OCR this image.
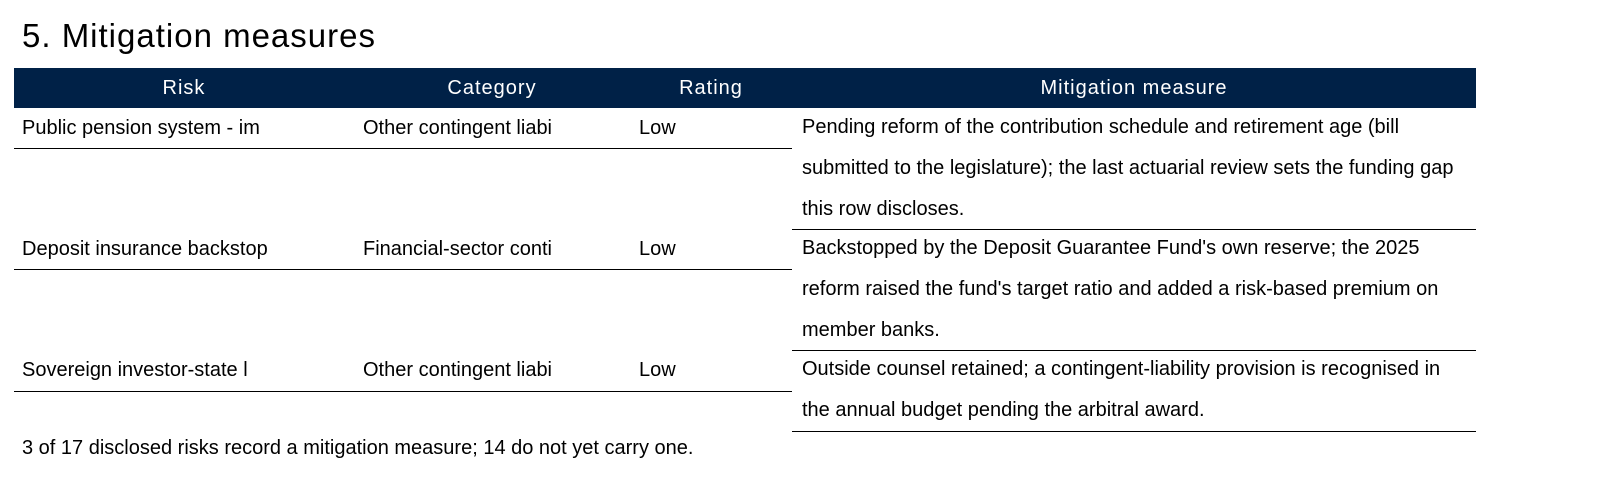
5. Mitigation measures
Risk	Category	Rating	Mitigation measure
Public pension system - im	Other contingent liabi	Low	Pending reform of the contribution schedule and retirement age (bill submitted to the legislature); the last actuarial review sets the funding gap this row discloses.
Deposit insurance backstop	Financial-sector conti	Low	Backstopped by the Deposit Guarantee Fund's own reserve; the 2025 reform raised the fund's target ratio and added a risk-based premium on member banks.
Sovereign investor-state l	Other contingent liabi	Low	Outside counsel retained; a contingent-liability provision is recognised in the annual budget pending the arbitral award.
3 of 17 disclosed risks record a mitigation measure; 14 do not yet carry one.
